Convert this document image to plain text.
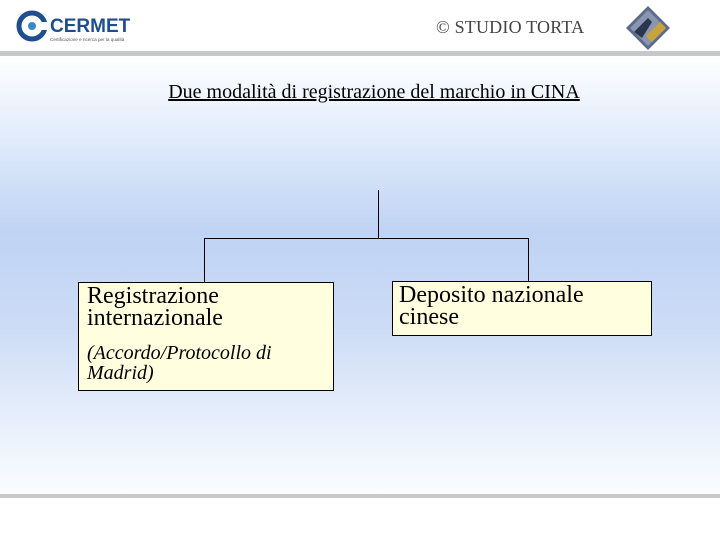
CERMET
Certificazione e ricerca per la qualità
© STUDIO TORTA
Due modalità di registrazione del marchio in CINA
Registrazione internazionale
(Accordo/Protocollo di Madrid)
Deposito nazionale cinese
